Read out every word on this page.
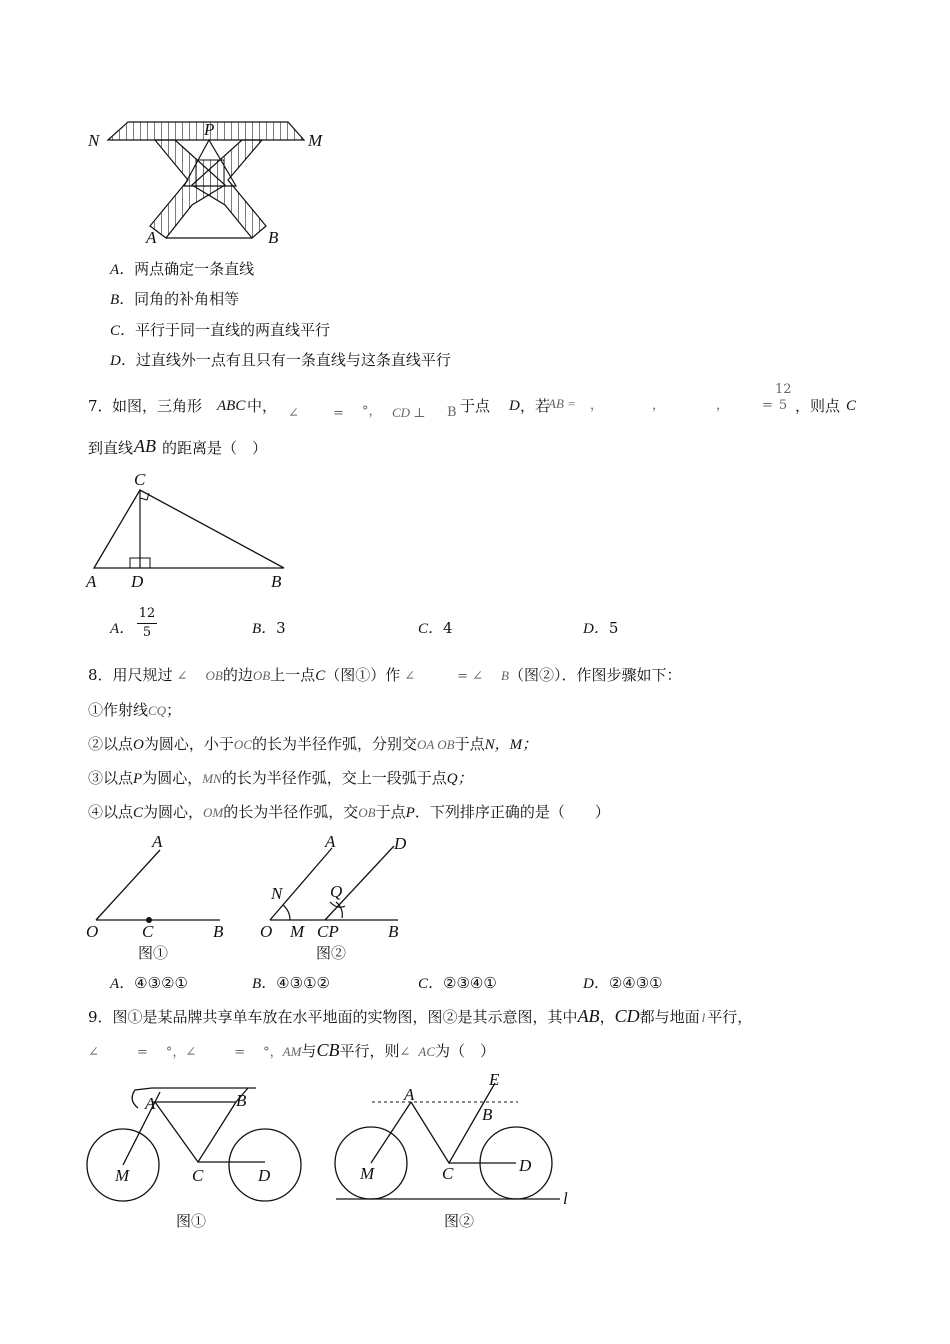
N	M
P
A	B
A．两点确定一条直线
B．同角的补角相等
C．平行于同一直线的两直线平行
D．过直线外一点有且只有一条直线与这条直线平行
7． 如图，三角形 ABC 中， ∠	= °， CD ⊥ B 于点 D ，若
AB = ，	，	，	=
12
5 ，则点 C
到直线 AB 的距离是（　）
C
A D	B
A．
12
5	B．3	C．4	D．5
8．用尺规过 ∠ OB的边OB上一点C（图①）作 ∠	= ∠ B（图②）．作图步骤如下：
①作射线CQ；
②以点O为圆心，小于OC的长为半径作弧，分别交OA OB于点N，M；
③以点P为圆心，MN的长为半径作弧，交上一段弧于点Q；
④以点C为圆心，OM的长为半径作弧，交OB于点P．下列排序正确的是（　　）
A
O	C	B
图①
A	D
N	Q
O M CP	B
图②
A．④③②①	B．④③①②	C．②③④①	D．②④③①
9．图①是某品牌共享单车放在水平地面的实物图，图②是其示意图，其中AB，CD都与地面 l 平行，
∠	= °，∠	= °，AM与CB平行，则∠ AC为（　）
A	B
M	C	D
图①
E
A
B
M	C	D
l
图②
